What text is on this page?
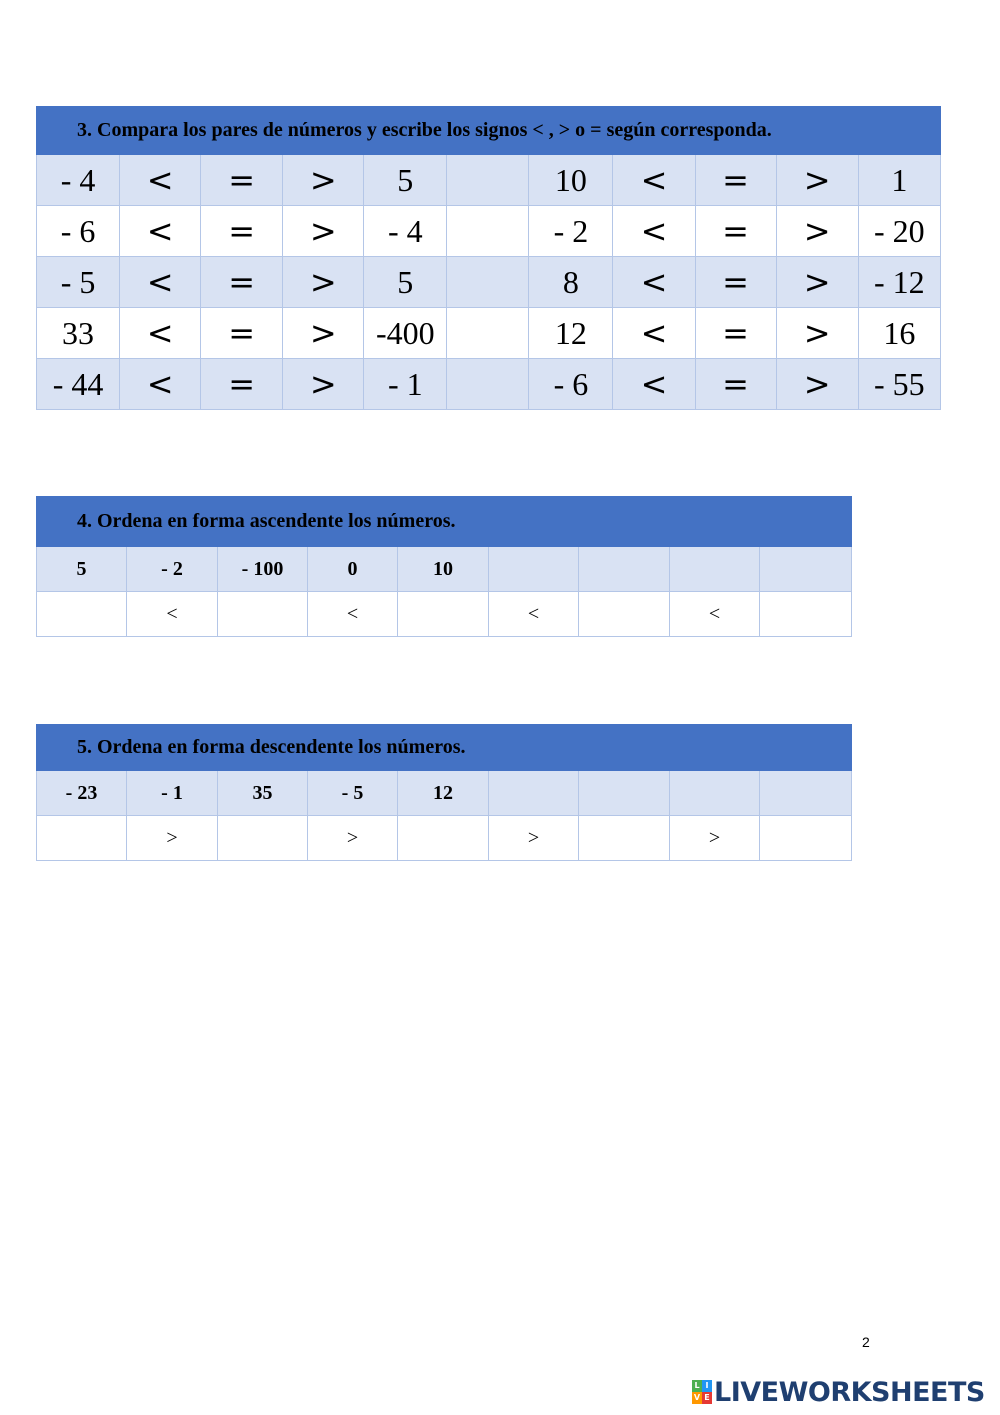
3. Compara los pares de números y escribe los signos < , > o = según corresponda.										
- 4	<	=	>	5		10	<	=	>	1
- 6	<	=	>	- 4		- 2	<	=	>	- 20
- 5	<	=	>	5		8	<	=	>	- 12
33	<	=	>	-400		12	<	=	>	16
- 44	<	=	>	- 1		- 6	<	=	>	- 55
4. Ordena en forma ascendente los números.								
5	- 2	- 100	0	10				
	<		<		<		<	
5. Ordena en forma descendente los números.								
- 23	- 1	35	- 5	12				
	>		>		>		>	
2
L I
V E LIVEWORKSHEETS
